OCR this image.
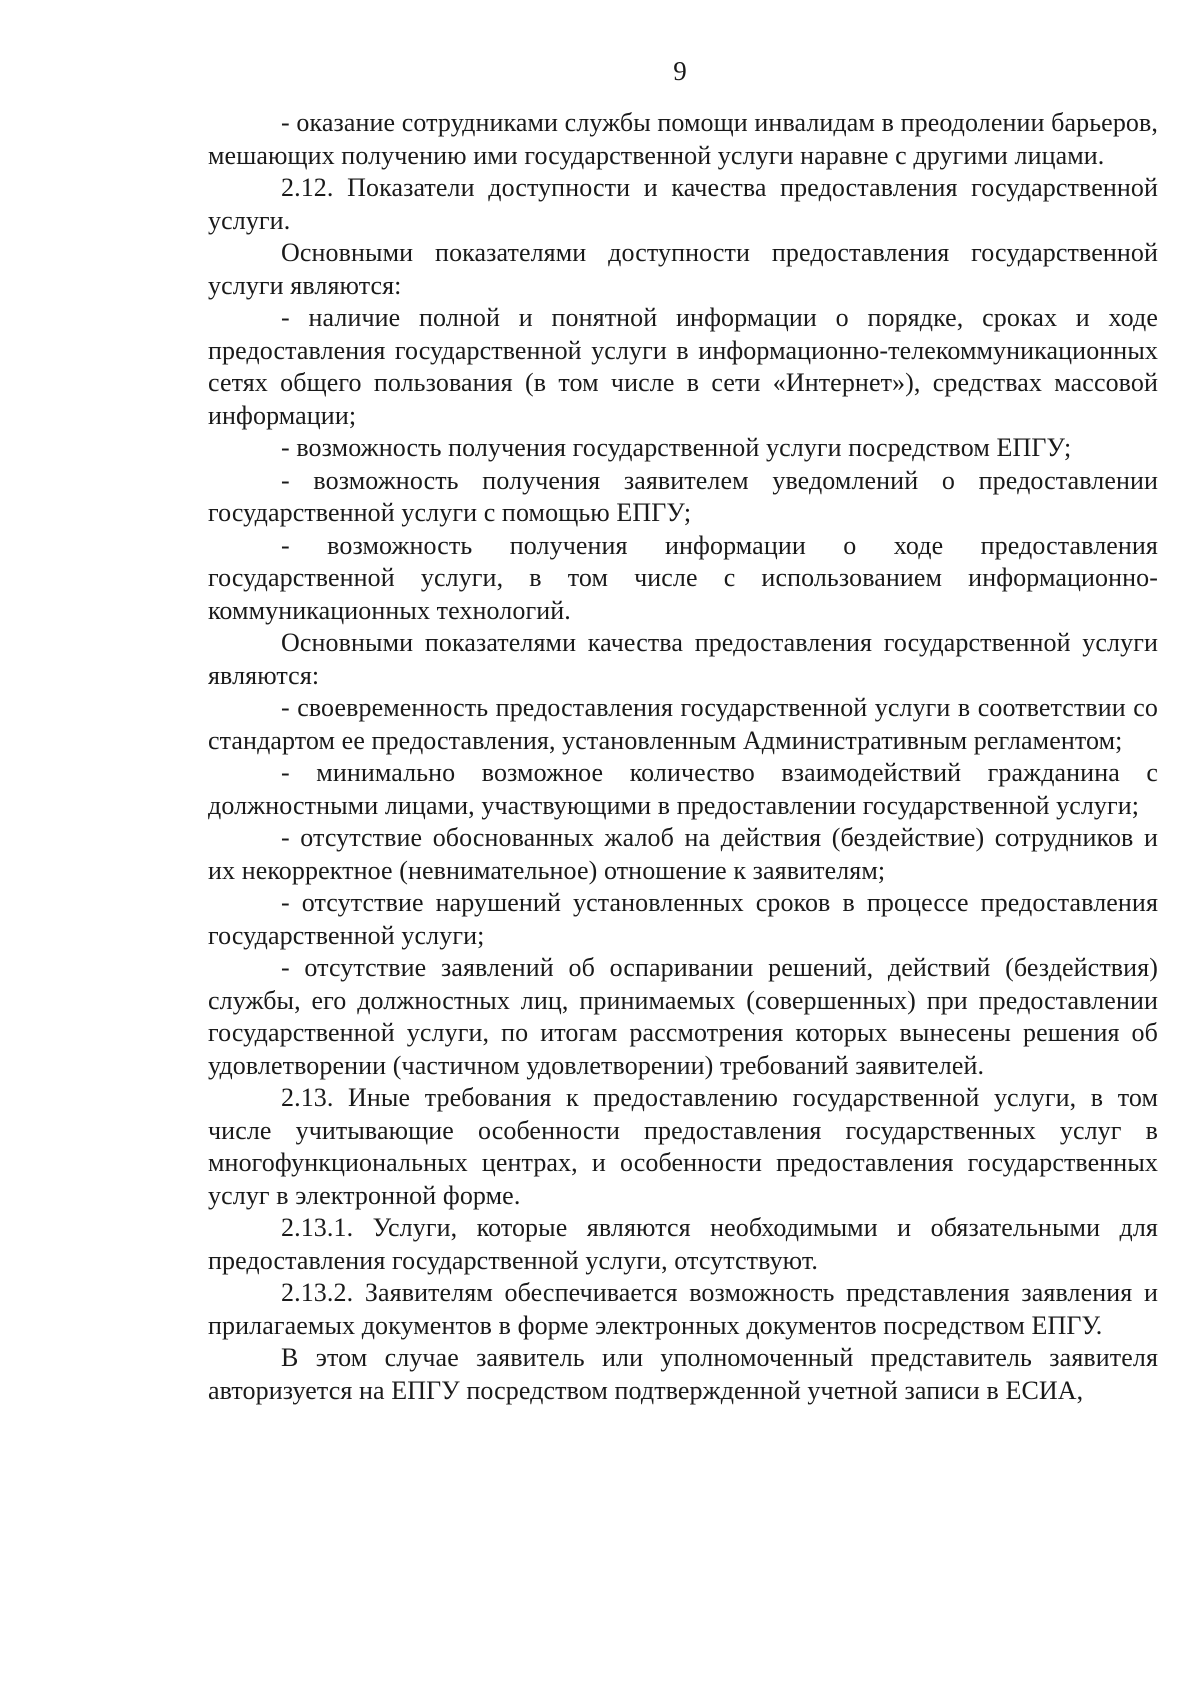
9

- оказание сотрудниками службы помощи инвалидам в преодолении барьеров, мешающих получению ими государственной услуги наравне с другими лицами.

2.12. Показатели доступности и качества предоставления государственной услуги.

Основными показателями доступности предоставления государственной услуги являются:

- наличие полной и понятной информации о порядке, сроках и ходе предоставления государственной услуги в информационно-телекоммуникационных сетях общего пользования (в том числе в сети «Интернет»), средствах массовой информации;

- возможность получения государственной услуги посредством ЕПГУ;

- возможность получения заявителем уведомлений о предоставлении государственной услуги с помощью ЕПГУ;

- возможность получения информации о ходе предоставления государственной услуги, в том числе с использованием информационно-коммуникационных технологий.

Основными показателями качества предоставления государственной услуги являются:

- своевременность предоставления государственной услуги в соответствии со стандартом ее предоставления, установленным Административным регламентом;

- минимально возможное количество взаимодействий гражданина с должностными лицами, участвующими в предоставлении государственной услуги;

- отсутствие обоснованных жалоб на действия (бездействие) сотрудников и их некорректное (невнимательное) отношение к заявителям;

- отсутствие нарушений установленных сроков в процессе предоставления государственной услуги;

- отсутствие заявлений об оспаривании решений, действий (бездействия) службы, его должностных лиц, принимаемых (совершенных) при предоставлении государственной услуги, по итогам рассмотрения которых вынесены решения об удовлетворении (частичном удовлетворении) требований заявителей.

2.13. Иные требования к предоставлению государственной услуги, в том числе учитывающие особенности предоставления государственных услуг в многофункциональных центрах, и особенности предоставления государственных услуг в электронной форме.

2.13.1. Услуги, которые являются необходимыми и обязательными для предоставления государственной услуги, отсутствуют.

2.13.2. Заявителям обеспечивается возможность представления заявления и прилагаемых документов в форме электронных документов посредством ЕПГУ.

В этом случае заявитель или уполномоченный представитель заявителя авторизуется на ЕПГУ посредством подтвержденной учетной записи в ЕСИА,
